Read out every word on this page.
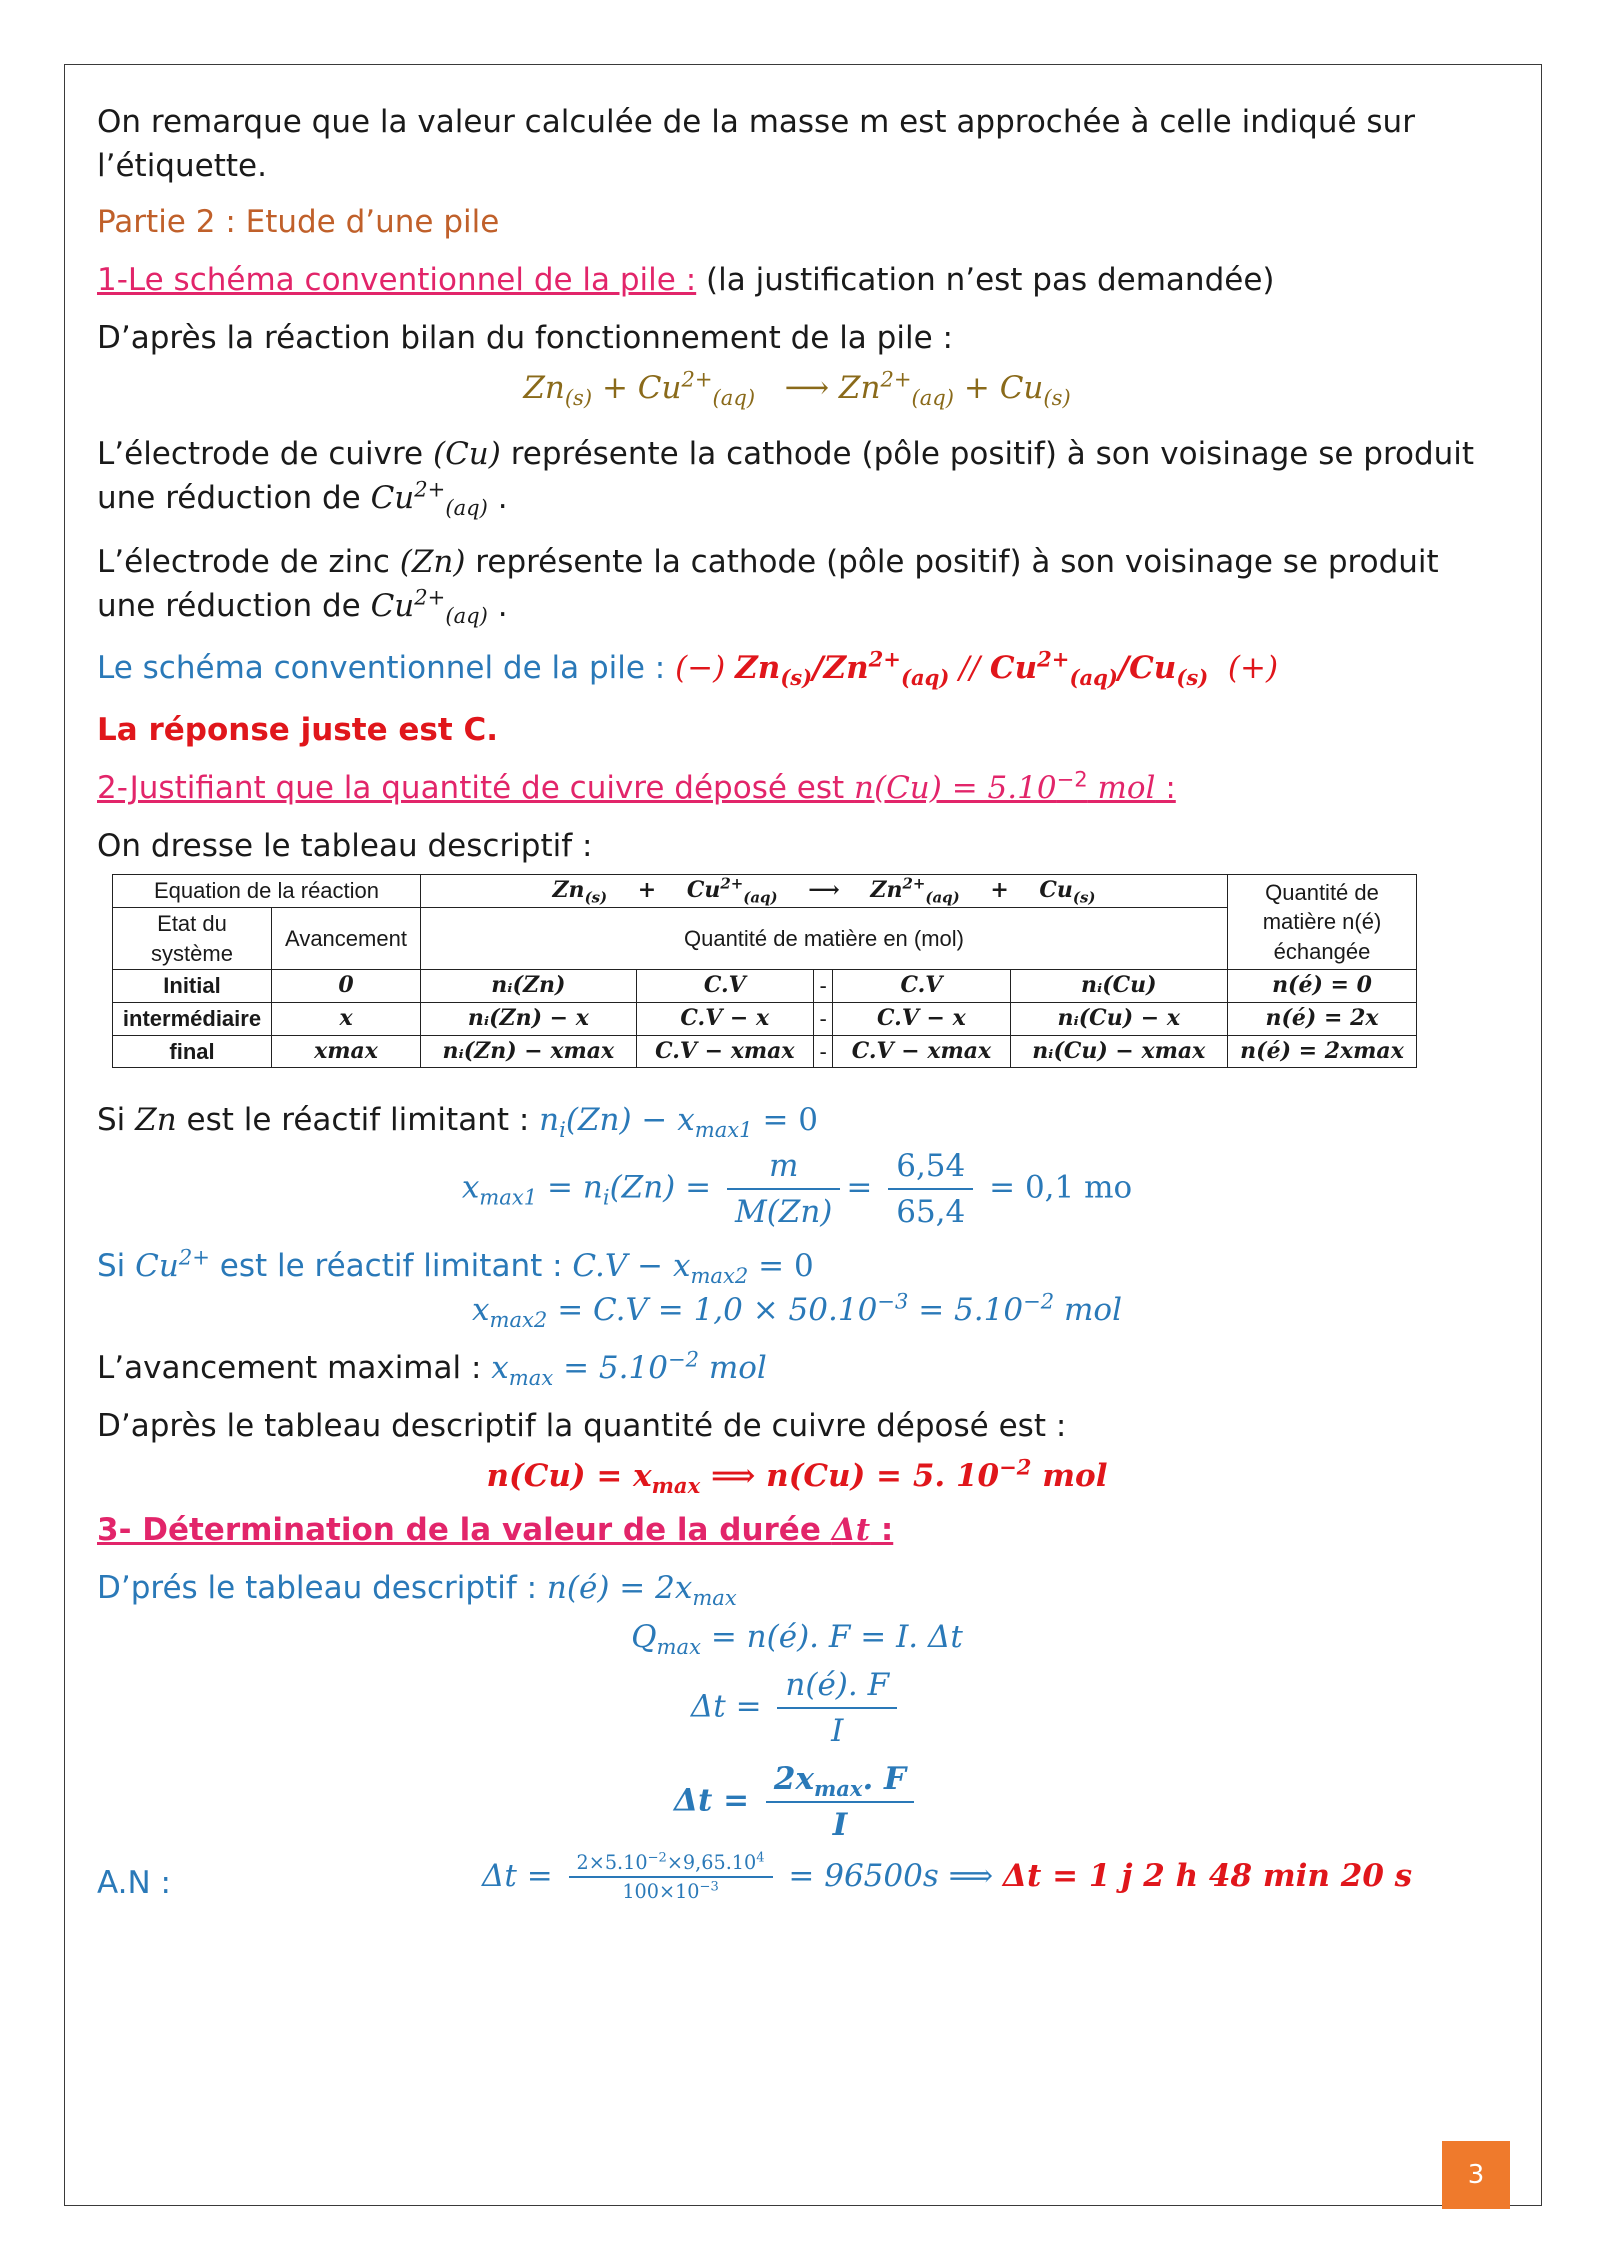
On remarque que la valeur calculée de la masse m est approchée à celle indiqué sur

l’étiquette.

Partie 2 : Etude d’une pile

1-Le schéma conventionnel de la pile : (la justification n’est pas demandée)

D’après la réaction bilan du fonctionnement de la pile :

$Zn_{(s)} + Cu^{2+}_{(aq)}$   ⟶ $Zn^{2+}_{(aq)} + Cu_{(s)}$

L’électrode de cuivre (Cu) représente la cathode (pôle positif) à son voisinage se produit

une réduction de $Cu^{2+}_{(aq)}$ .

L’électrode de zinc (Zn) représente la cathode (pôle positif) à son voisinage se produit

une réduction de $Cu^{2+}_{(aq)}$ .

Le schéma conventionnel de la pile : (−) $Zn_{(s)}/Zn^{2+}_{(aq)} // Cu^{2+}_{(aq)}/Cu_{(s)}$  (+)

La réponse juste est C.

2-Justifiant que la quantité de cuivre déposé est $n(Cu) = 5.10^{-2}$ mol :

On dresse le tableau descriptif :

Equation de la réaction		$Zn_{(s)}$    +    $Cu^{2+}_{(aq)}$    ⟶    $Zn^{2+}_{(aq)}$    +    $Cu_{(s)}$					Quantité de matière n(é) échangée
Etat du système	Avancement	Quantité de matière en (mol)					
Initial	0	nᵢ(Zn)	C.V	-	C.V	nᵢ(Cu)	n(é) = 0
intermédiaire	x	nᵢ(Zn) − x	C.V − x	-	C.V − x	nᵢ(Cu) − x	n(é) = 2x
final	xmax	nᵢ(Zn) − xmax	C.V − xmax	-	C.V − xmax	nᵢ(Cu) − xmax	n(é) = 2xmax

Si Zn est le réactif limitant : $n_i(Zn) - x_{max1} = 0$

$x_{max1} = n_i(Zn) = \frac{m}{M(Zn)} = \frac{6,54}{65,4} = 0,1$ mo

Si $Cu^{2+}$ est le réactif limitant : $C.V - x_{max2} = 0$

$x_{max2} = C.V = 1,0 \times 50.10^{-3} = 5.10^{-2}$ mol

L’avancement maximal : $x_{max} = 5.10^{-2}$ mol

D’après le tableau descriptif la quantité de cuivre déposé est :

$n(Cu) = x_{max}$ ⟹ n(Cu) = 5. $10^{-2}$ mol

3- Détermination de la valeur de la durée Δt :

D’prés le tableau descriptif : n(é) = $2x_{max}$

$Q_{max}$ = n(é). F = I. Δt

$\Delta t = \frac{n(é). F}{I}$

$\Delta t = \frac{2x_{max}. F}{I}$

A.N :	$\Delta t = \frac{2\times 5.10^{-2}\times 9,65.10^4}{100\times 10^{-3}} = 96500s$ ⟹ Δt = 1 j 2 h 48 min 20 s

3
